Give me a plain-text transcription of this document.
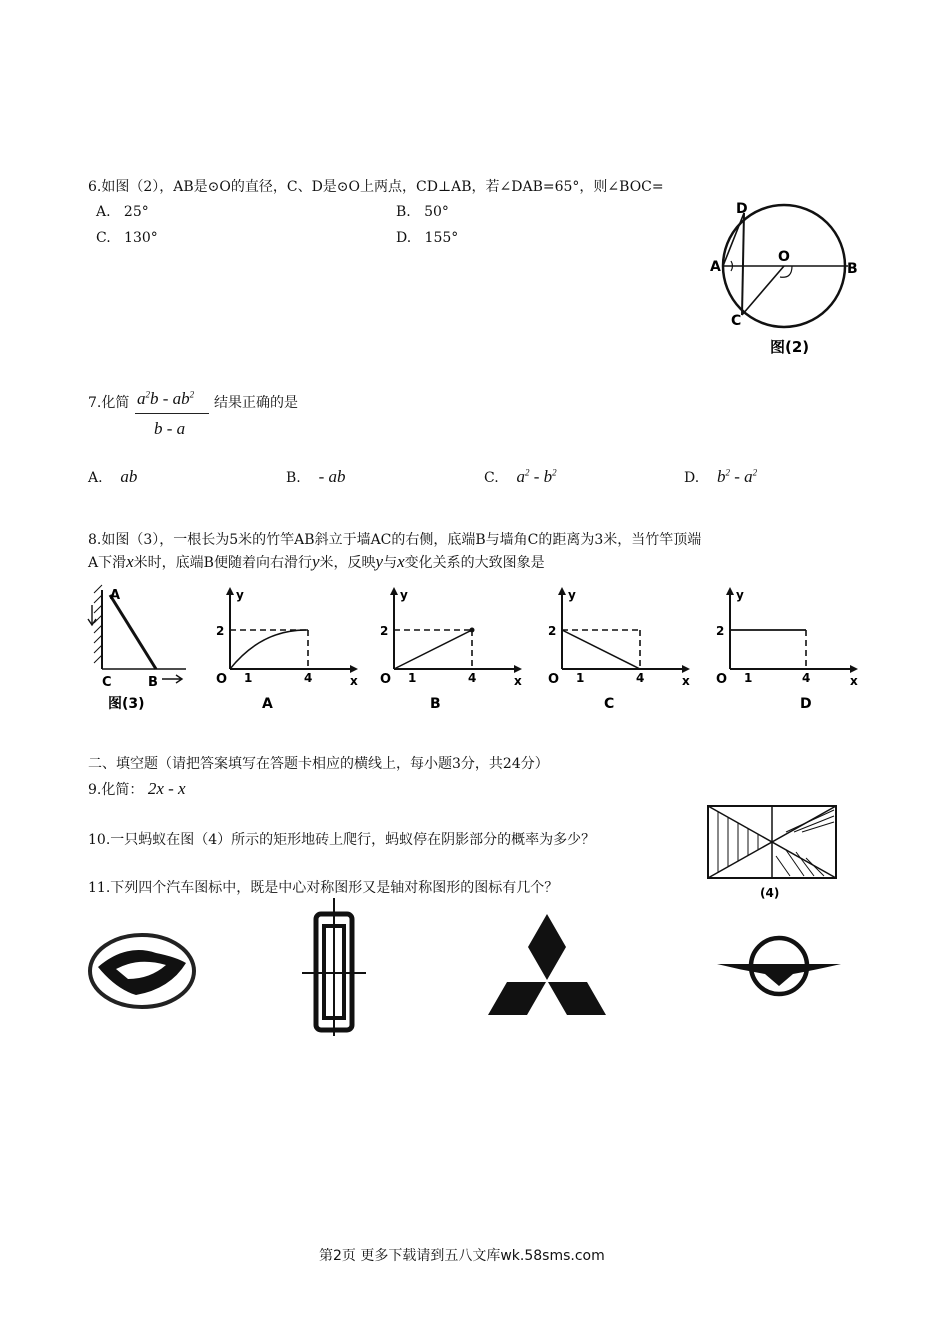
6.如图（2），AB是⊙O的直径，C、D是⊙O上两点，CD⊥AB，若∠DAB=65°，则∠BOC=
A. 25°	B. 50°
C. 130°	D. 155°
D
A
O
B
C
图(2)
7.化简 $a^2b - ab^2$
b - a
结果正确的是
A. ab	B. - ab	C. $a^2 - b^2$	D. $b^2 - a^2$
8.如图（3），一根长为5米的竹竿AB斜立于墙AC的右侧，底端B与墙角C的距离为3米，当竹竿顶端
A下滑x米时，底端B便随着向右滑行y米，反映y与x变化关系的大致图象是
A
C	B
图(3)
2
O 1	4	x
y
A
2
O 1	4	x
y
B
2
O 1	4	x
y
C
2
O 1	4	x
y
D
二、填空题（请把答案填写在答题卡相应的横线上，每小题3分，共24分）
9.化简： 2x - x
10.一只蚂蚁在图（4）所示的矩形地砖上爬行，蚂蚁停在阴影部分的概率为多少？
(4)
11.下列四个汽车图标中，既是中心对称图形又是轴对称图形的图标有几个？
第2页 更多下载请到五八文库wk.58sms.com
